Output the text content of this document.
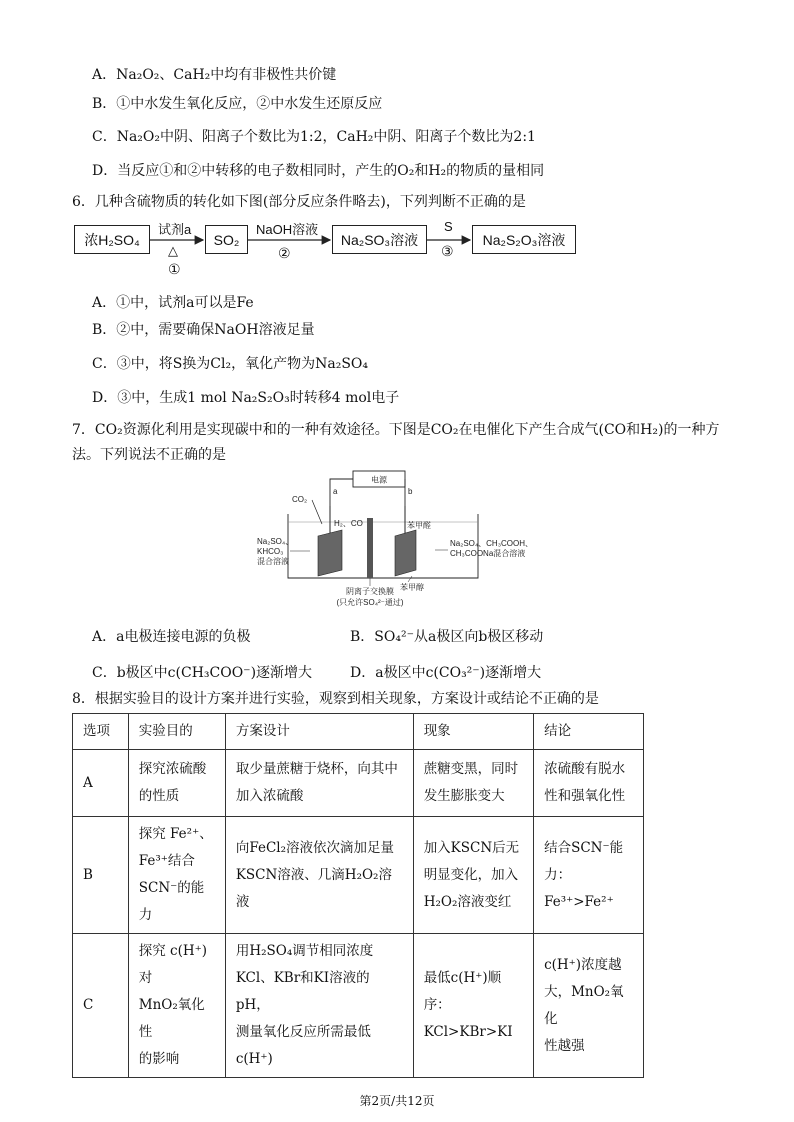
A．Na₂O₂、CaH₂中均有非极性共价键
B．①中水发生氧化反应，②中水发生还原反应
C．Na₂O₂中阴、阳离子个数比为1:2，CaH₂中阴、阳离子个数比为2:1
D．当反应①和②中转移的电子数相同时，产生的O₂和H₂的物质的量相同
6．几种含硫物质的转化如下图(部分反应条件略去)，下列判断不正确的是
浓H₂SO₄	SO₂	Na₂SO₃溶液	Na₂S₂O₃溶液
试剂a
△
①
NaOH溶液
②
S
③
A．①中，试剂a可以是Fe
B．②中，需要确保NaOH溶液足量
C．③中，将S换为Cl₂，氧化产物为Na₂SO₄
D．③中，生成1 mol Na₂S₂O₃时转移4 mol电子
7．CO₂资源化利用是实现碳中和的一种有效途径。下图是CO₂在电催化下产生合成气(CO和H₂)的一种方
法。下列说法不正确的是
电源
a	b
CO₂
H₂、CO
Na₂SO₄、
KHCO₃
混合溶液
苯甲醛
苯甲醇
Na₂SO₄、CH₃COOH、
CH₃COONa混合溶液
阴离子交换膜
(只允许SO₄²⁻通过)
A．a电极连接电源的负极	B．SO₄²⁻从a极区向b极区移动
C．b极区中c(CH₃COO⁻)逐渐增大	D．a极区中c(CO₃²⁻)逐渐增大
8．根据实验目的设计方案并进行实验，观察到相关现象，方案设计或结论不正确的是
选项	实验目的	方案设计	现象	结论
A	探究浓硫酸
的性质	取少量蔗糖于烧杯，向其中
加入浓硫酸	蔗糖变黑，同时
发生膨胀变大	浓硫酸有脱水
性和强氧化性
B	探究 Fe²⁺、
Fe³⁺结合
SCN⁻的能力	向FeCl₂溶液依次滴加足量
KSCN溶液、几滴H₂O₂溶液	加入KSCN后无
明显变化，加入
H₂O₂溶液变红	结合SCN⁻能
力：Fe³⁺>Fe²⁺
C	探究 c(H⁺)对
MnO₂氧化性
的影响	用H₂SO₄调节相同浓度
KCl、KBr和KI溶液的pH，
测量氧化反应所需最低c(H⁺)	最低c(H⁺)顺
序：
KCl>KBr>KI	c(H⁺)浓度越
大，MnO₂氧化
性越强
第2页/共12页
